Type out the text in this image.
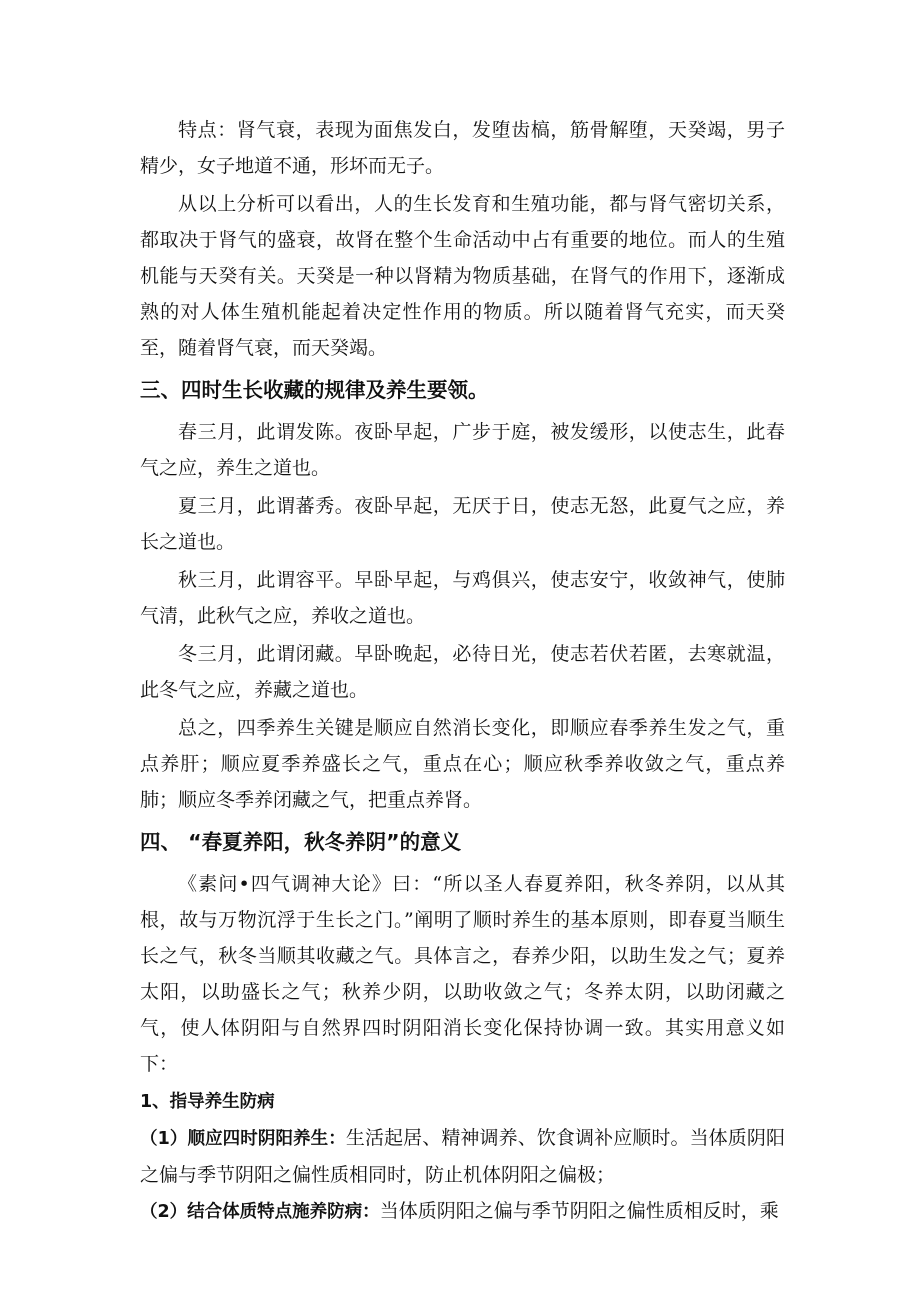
特点：肾气衰，表现为面焦发白，发堕齿槁，筋骨解堕，天癸竭，男子精少，女子地道不通，形坏而无子。

从以上分析可以看出，人的生长发育和生殖功能，都与肾气密切关系，都取决于肾气的盛衰，故肾在整个生命活动中占有重要的地位。而人的生殖机能与天癸有关。天癸是一种以肾精为物质基础，在肾气的作用下，逐渐成熟的对人体生殖机能起着决定性作用的物质。所以随着肾气充实，而天癸至，随着肾气衰，而天癸竭。

三、四时生长收藏的规律及养生要领。

春三月，此谓发陈。夜卧早起，广步于庭，被发缓形，以使志生，此春气之应，养生之道也。

夏三月，此谓蕃秀。夜卧早起，无厌于日，使志无怒，此夏气之应，养长之道也。

秋三月，此谓容平。早卧早起，与鸡俱兴，使志安宁，收敛神气，使肺气清，此秋气之应，养收之道也。

冬三月，此谓闭藏。早卧晚起，必待日光，使志若伏若匿，去寒就温，此冬气之应，养藏之道也。

总之，四季养生关键是顺应自然消长变化，即顺应春季养生发之气，重点养肝；顺应夏季养盛长之气，重点在心；顺应秋季养收敛之气，重点养肺；顺应冬季养闭藏之气，把重点养肾。

四、 “春夏养阳，秋冬养阴”的意义

《素问•四气调神大论》曰：“所以圣人春夏养阳，秋冬养阴，以从其根，故与万物沉浮于生长之门。”阐明了顺时养生的基本原则，即春夏当顺生长之气，秋冬当顺其收藏之气。具体言之，春养少阳，以助生发之气；夏养太阳，以助盛长之气；秋养少阴，以助收敛之气；冬养太阴，以助闭藏之气，使人体阴阳与自然界四时阴阳消长变化保持协调一致。其实用意义如下：

1、指导养生防病

（1）顺应四时阴阳养生：生活起居、精神调养、饮食调补应顺时。当体质阴阳之偏与季节阴阳之偏性质相同时，防止机体阴阳之偏极；

（2）结合体质特点施养防病：当体质阴阳之偏与季节阴阳之偏性质相反时，乘
